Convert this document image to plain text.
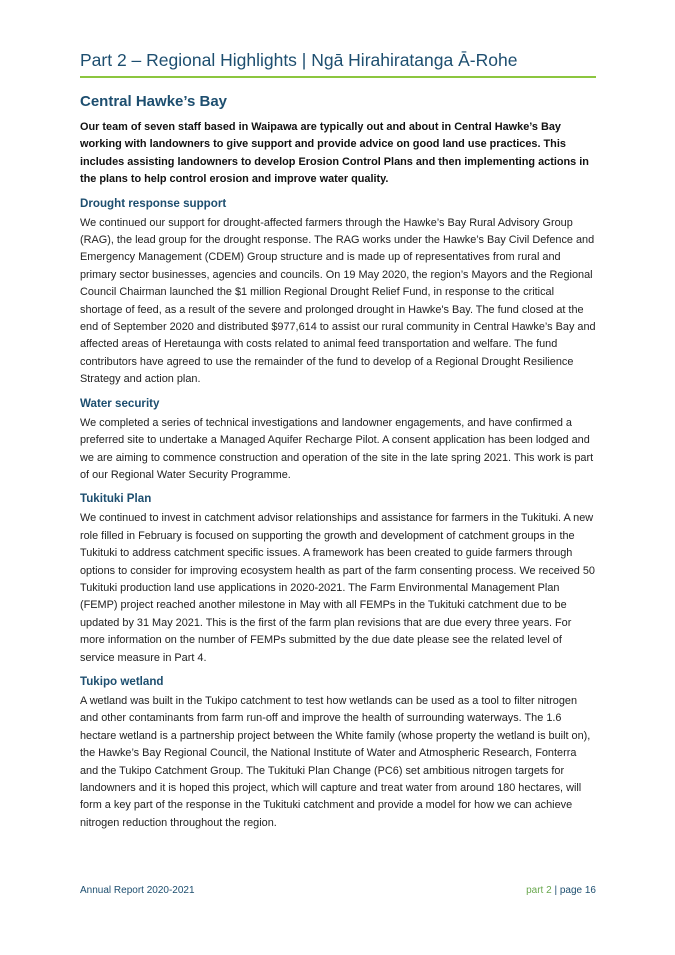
Part 2 – Regional Highlights | Ngā Hirahiratanga Ā-Rohe
Central Hawke’s Bay

Our team of seven staff based in Waipawa are typically out and about in Central Hawke’s Bay working with landowners to give support and provide advice on good land use practices. This includes assisting landowners to develop Erosion Control Plans and then implementing actions in the plans to help control erosion and improve water quality.

Drought response support

We continued our support for drought-affected farmers through the Hawke’s Bay Rural Advisory Group (RAG), the lead group for the drought response. The RAG works under the Hawke’s Bay Civil Defence and Emergency Management (CDEM) Group structure and is made up of representatives from rural and primary sector businesses, agencies and councils. On 19 May 2020, the region’s Mayors and the Regional Council Chairman launched the $1 million Regional Drought Relief Fund, in response to the critical shortage of feed, as a result of the severe and prolonged drought in Hawke's Bay. The fund closed at the end of September 2020 and distributed $977,614 to assist our rural community in Central Hawke’s Bay and affected areas of Heretaunga with costs related to animal feed transportation and welfare. The fund contributors have agreed to use the remainder of the fund to develop of a Regional Drought Resilience Strategy and action plan.

Water security

We completed a series of technical investigations and landowner engagements, and have confirmed a preferred site to undertake a Managed Aquifer Recharge Pilot. A consent application has been lodged and we are aiming to commence construction and operation of the site in the late spring 2021. This work is part of our Regional Water Security Programme.

Tukituki Plan

We continued to invest in catchment advisor relationships and assistance for farmers in the Tukituki. A new role filled in February is focused on supporting the growth and development of catchment groups in the Tukituki to address catchment specific issues. A framework has been created to guide farmers through options to consider for improving ecosystem health as part of the farm consenting process. We received 50 Tukituki production land use applications in 2020-2021. The Farm Environmental Management Plan (FEMP) project reached another milestone in May with all FEMPs in the Tukituki catchment due to be updated by 31 May 2021. This is the first of the farm plan revisions that are due every three years. For more information on the number of FEMPs submitted by the due date please see the related level of service measure in Part 4.

Tukipo wetland

A wetland was built in the Tukipo catchment to test how wetlands can be used as a tool to filter nitrogen and other contaminants from farm run-off and improve the health of surrounding waterways. The 1.6 hectare wetland is a partnership project between the White family (whose property the wetland is built on), the Hawke’s Bay Regional Council, the National Institute of Water and Atmospheric Research, Fonterra and the Tukipo Catchment Group. The Tukituki Plan Change (PC6) set ambitious nitrogen targets for landowners and it is hoped this project, which will capture and treat water from around 180 hectares, will form a key part of the response in the Tukituki catchment and provide a model for how we can achieve nitrogen reduction throughout the region.

Annual Report 2020-2021	part 2 | page 16
